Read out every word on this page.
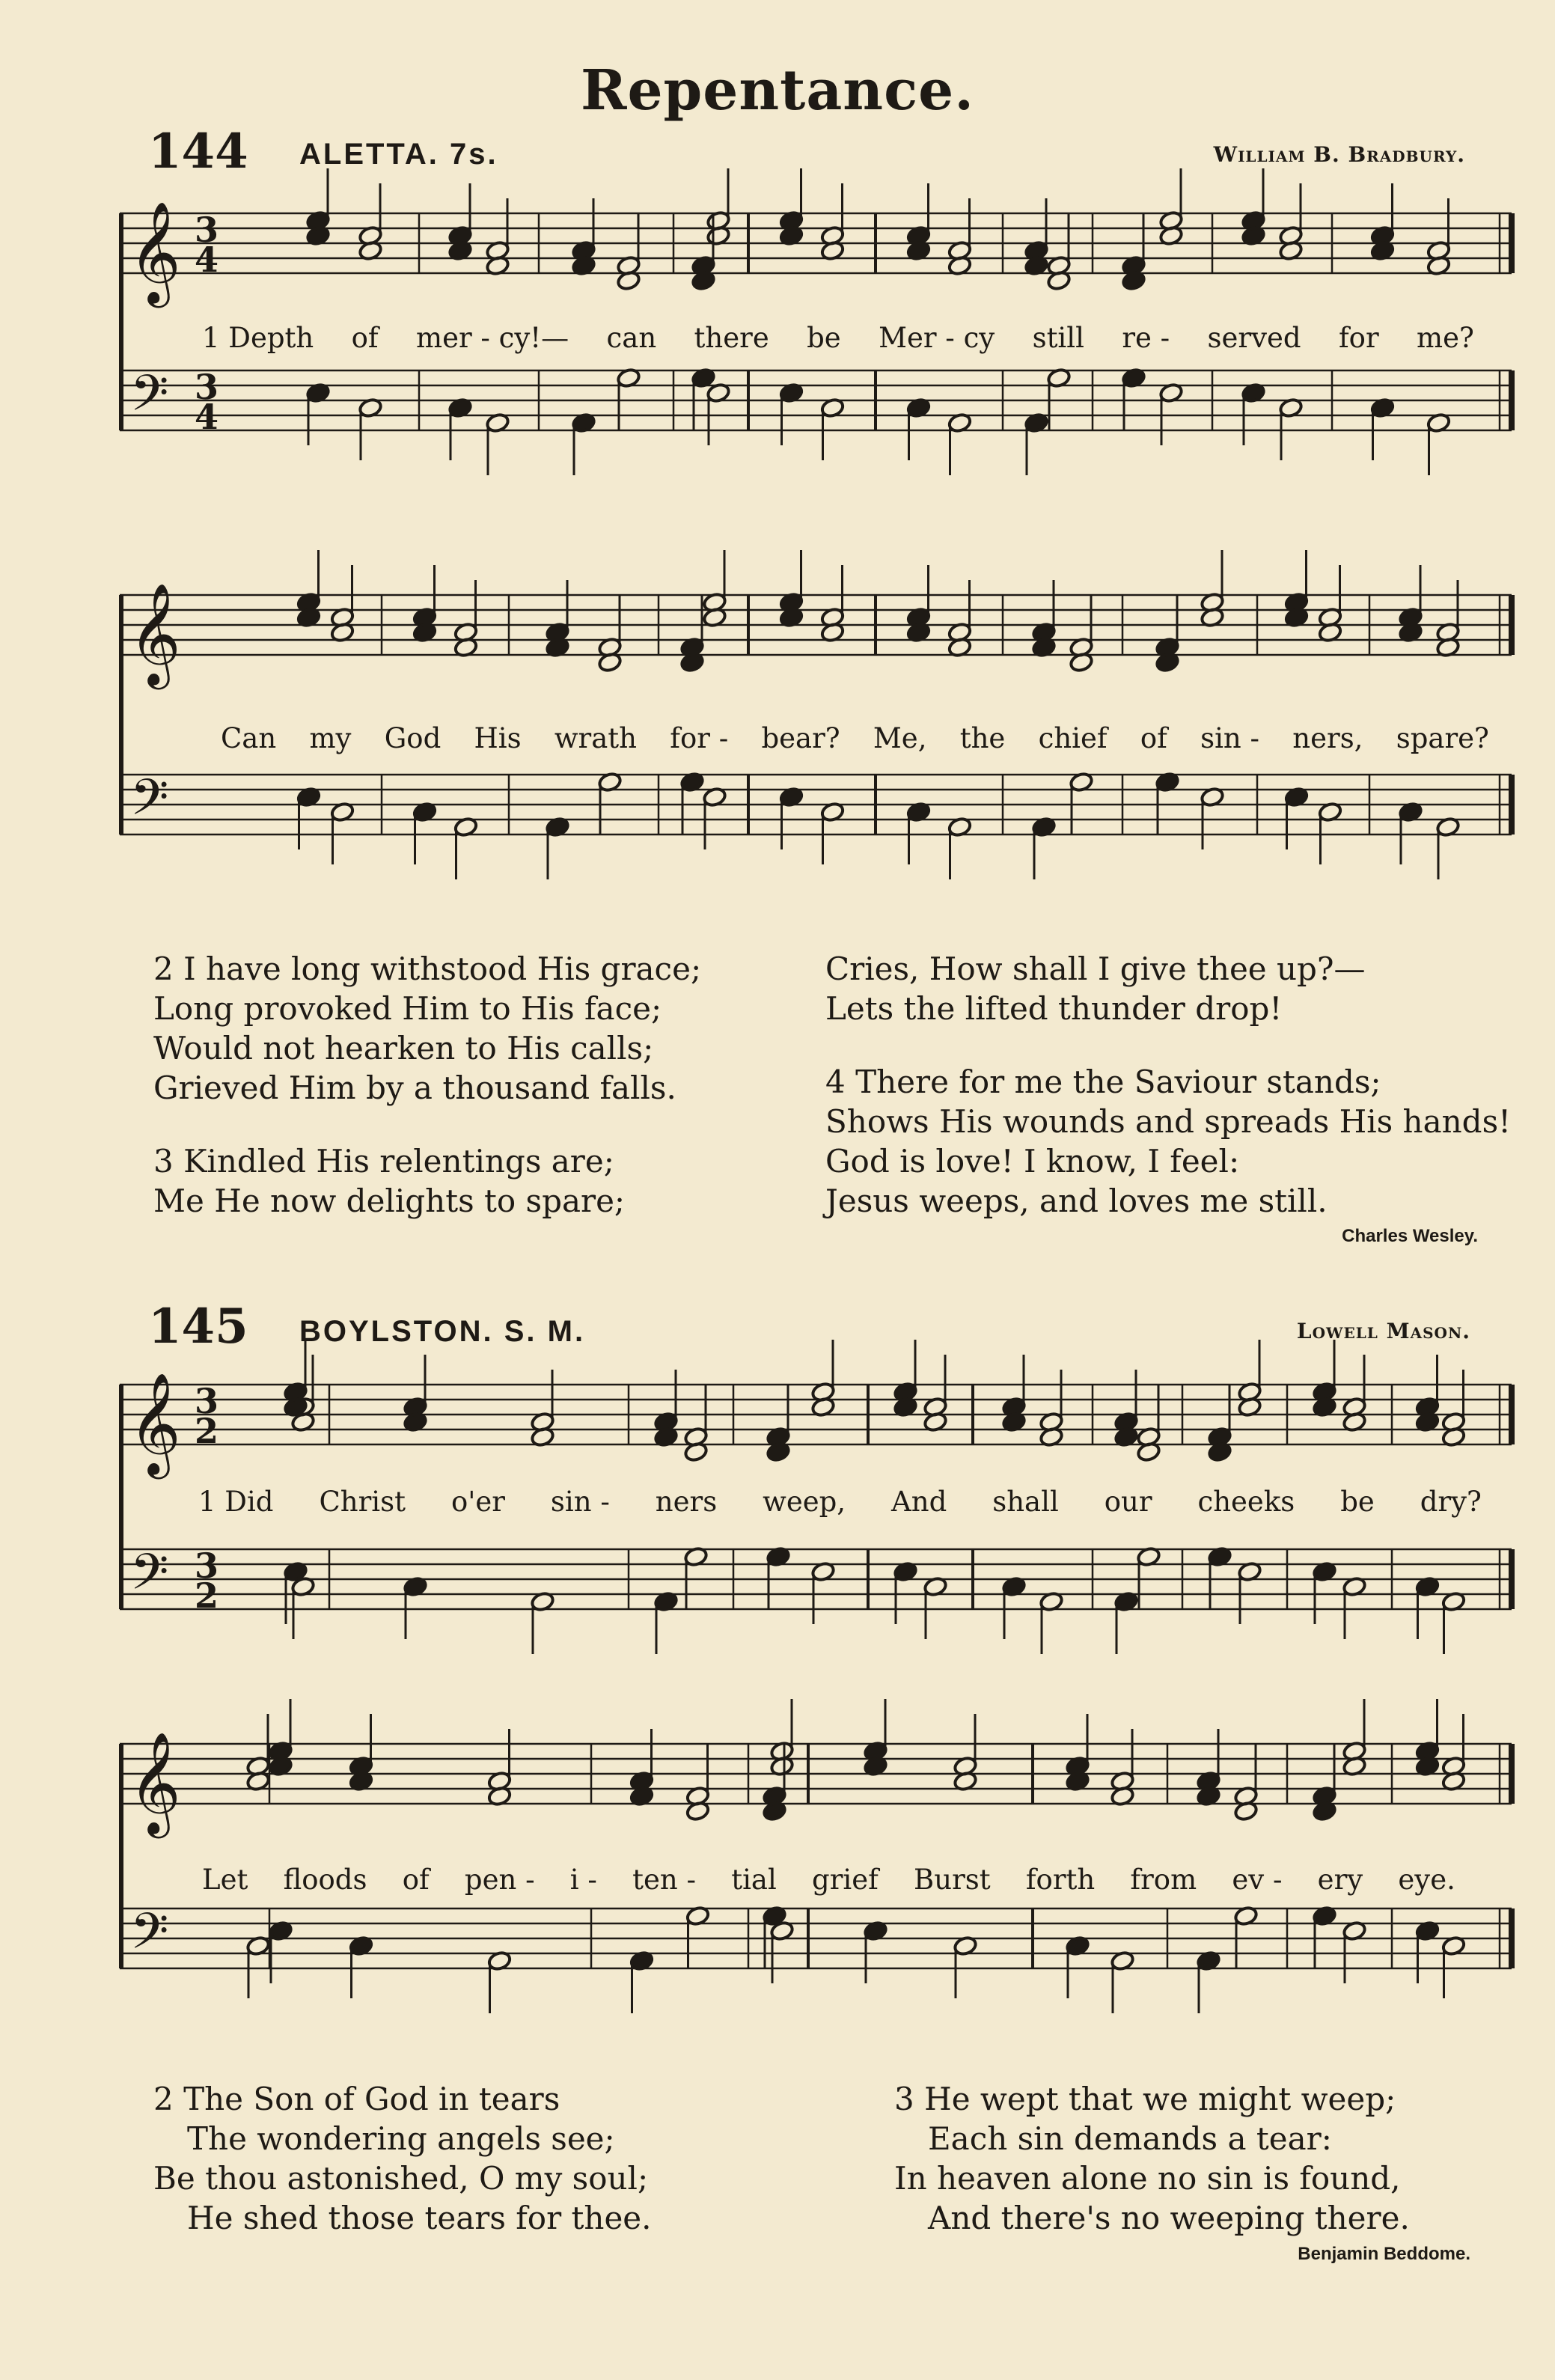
Repentance.
144 ALETTA. 7s.	William B. Bradbury.
𝄞
𝄢
3
4
3
4
1 Depth of mer - cy!— can there be Mer - cy still re - served for me?
𝄞
𝄢
Can my God His wrath for - bear? Me, the chief of sin - ners, spare?
2 I have long withstood His grace;
Long provoked Him to His face;
Would not hearken to His calls;
Grieved Him by a thousand falls.
3 Kindled His relentings are;
Me He now delights to spare;
Cries, How shall I give thee up?—
Lets the lifted thunder drop!
4 There for me the Saviour stands;
Shows His wounds and spreads His hands!
God is love! I know, I feel:
Jesus weeps, and loves me still.
Charles Wesley.
145 BOYLSTON. S. M.	Lowell Mason.
𝄞
𝄢
3
2
3
2
1 Did Christ o'er sin - ners weep, And shall our cheeks be dry?
𝄞
𝄢
Let floods of pen - i - ten - tial grief Burst forth from ev - ery eye.
2 The Son of God in tears
The wondering angels see;
Be thou astonished, O my soul;
He shed those tears for thee.
3 He wept that we might weep;
Each sin demands a tear:
In heaven alone no sin is found,
And there's no weeping there.
Benjamin Beddome.
